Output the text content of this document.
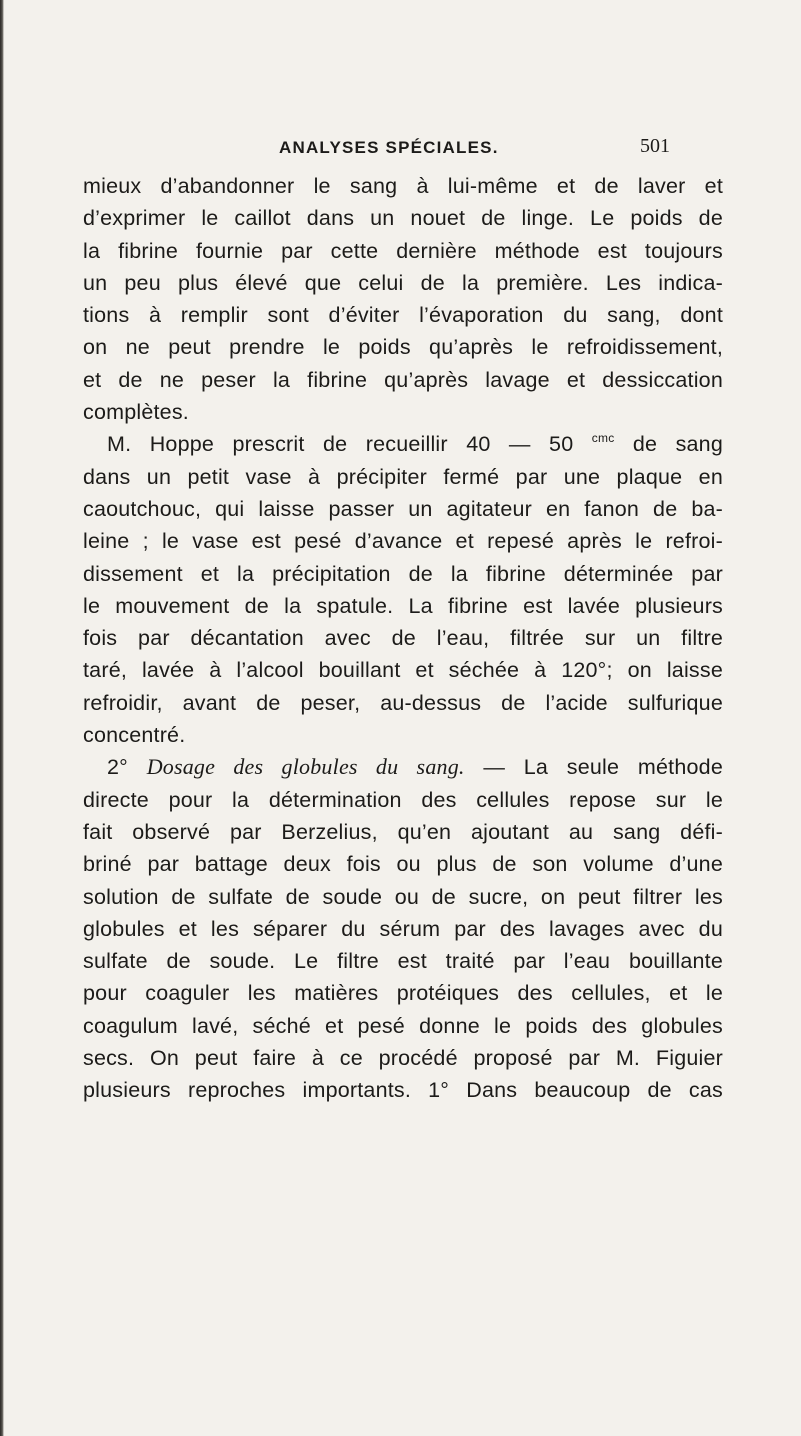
ANALYSES SPÉCIALES.	501
mieux d’abandonner le sang à lui-même et de laver et
d’exprimer le caillot dans un nouet de linge. Le poids de
la fibrine fournie par cette dernière méthode est toujours
un peu plus élevé que celui de la première. Les indica-
tions à remplir sont d’éviter l’évaporation du sang, dont
on ne peut prendre le poids qu’après le refroidissement,
et de ne peser la fibrine qu’après lavage et dessiccation
complètes.
M. Hoppe prescrit de recueillir 40 — 50 $^{cmc}$ de sang
dans un petit vase à précipiter fermé par une plaque en
caoutchouc, qui laisse passer un agitateur en fanon de ba-
leine ; le vase est pesé d’avance et repesé après le refroi-
dissement et la précipitation de la fibrine déterminée par
le mouvement de la spatule. La fibrine est lavée plusieurs
fois par décantation avec de l’eau, filtrée sur un filtre
taré, lavée à l’alcool bouillant et séchée à 120°; on laisse
refroidir, avant de peser, au-dessus de l’acide sulfurique
concentré.
2° Dosage des globules du sang. — La seule méthode
directe pour la détermination des cellules repose sur le
fait observé par Berzelius, qu’en ajoutant au sang défi-
briné par battage deux fois ou plus de son volume d’une
solution de sulfate de soude ou de sucre, on peut filtrer les
globules et les séparer du sérum par des lavages avec du
sulfate de soude. Le filtre est traité par l’eau bouillante
pour coaguler les matières protéiques des cellules, et le
coagulum lavé, séché et pesé donne le poids des globules
secs. On peut faire à ce procédé proposé par M. Figuier
plusieurs reproches importants. 1° Dans beaucoup de cas
